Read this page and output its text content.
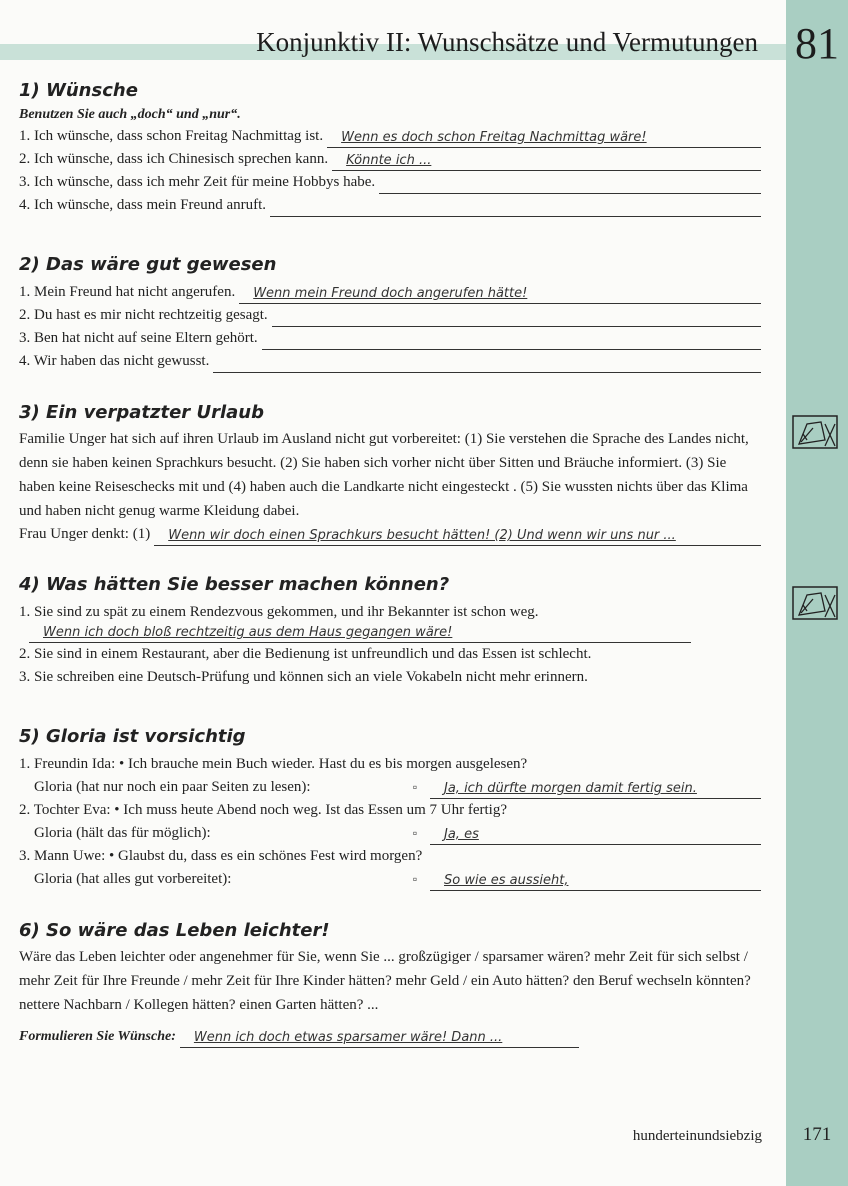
Konjunktiv II: Wunschsätze und Vermutungen 81
1) Wünsche
Benutzen Sie auch „doch“ und „nur“.
1. Ich wünsche, dass schon Freitag Nachmittag ist.	Wenn es doch schon Freitag Nachmittag wäre!
2. Ich wünsche, dass ich Chinesisch sprechen kann.	Könnte ich ...
3. Ich wünsche, dass ich mehr Zeit für meine Hobbys habe.
4. Ich wünsche, dass mein Freund anruft.
2) Das wäre gut gewesen
1. Mein Freund hat nicht angerufen.	Wenn mein Freund doch angerufen hätte!
2. Du hast es mir nicht rechtzeitig gesagt.
3. Ben hat nicht auf seine Eltern gehört.
4. Wir haben das nicht gewusst.
3) Ein verpatzter Urlaub

Familie Unger hat sich auf ihren Urlaub im Ausland nicht gut vorbereitet: (1) Sie verstehen die Sprache des Landes nicht, denn sie haben keinen Sprachkurs besucht. (2) Sie haben sich vorher nicht über Sitten und Bräuche informiert. (3) Sie haben keine Reiseschecks mit und (4) haben auch die Landkarte nicht eingesteckt . (5) Sie wussten nichts über das Klima und haben nicht genug warme Kleidung dabei.

Frau Unger denkt: (1)	Wenn wir doch einen Sprachkurs besucht hätten! (2) Und wenn wir uns nur ...
4) Was hätten Sie besser machen können?
1. Sie sind zu spät zu einem Rendezvous gekommen, und ihr Bekannter ist schon weg.
Wenn ich doch bloß rechtzeitig aus dem Haus gegangen wäre!
2. Sie sind in einem Restaurant, aber die Bedienung ist unfreundlich und das Essen ist schlecht.
3. Sie schreiben eine Deutsch-Prüfung und können sich an viele Vokabeln nicht mehr erinnern.
5) Gloria ist vorsichtig
1. Freundin Ida: • Ich brauche mein Buch wieder. Hast du es bis morgen ausgelesen?
Gloria (hat nur noch ein paar Seiten zu lesen):	▫	Ja, ich dürfte morgen damit fertig sein.
2. Tochter Eva: • Ich muss heute Abend noch weg. Ist das Essen um 7 Uhr fertig?
Gloria (hält das für möglich):	▫	Ja, es
3. Mann Uwe: • Glaubst du, dass es ein schönes Fest wird morgen?
Gloria (hat alles gut vorbereitet):	▫	So wie es aussieht,
6) So wäre das Leben leichter!

Wäre das Leben leichter oder angenehmer für Sie, wenn Sie ... großzügiger / sparsamer wären? mehr Zeit für sich selbst / mehr Zeit für Ihre Freunde / mehr Zeit für Ihre Kinder hätten? mehr Geld / ein Auto hätten? den Beruf wechseln könnten? nettere Nachbarn / Kollegen hätten? einen Garten hätten? ...

Formulieren Sie Wünsche:	Wenn ich doch etwas sparsamer wäre! Dann ...
hunderteinundsiebzig	171
